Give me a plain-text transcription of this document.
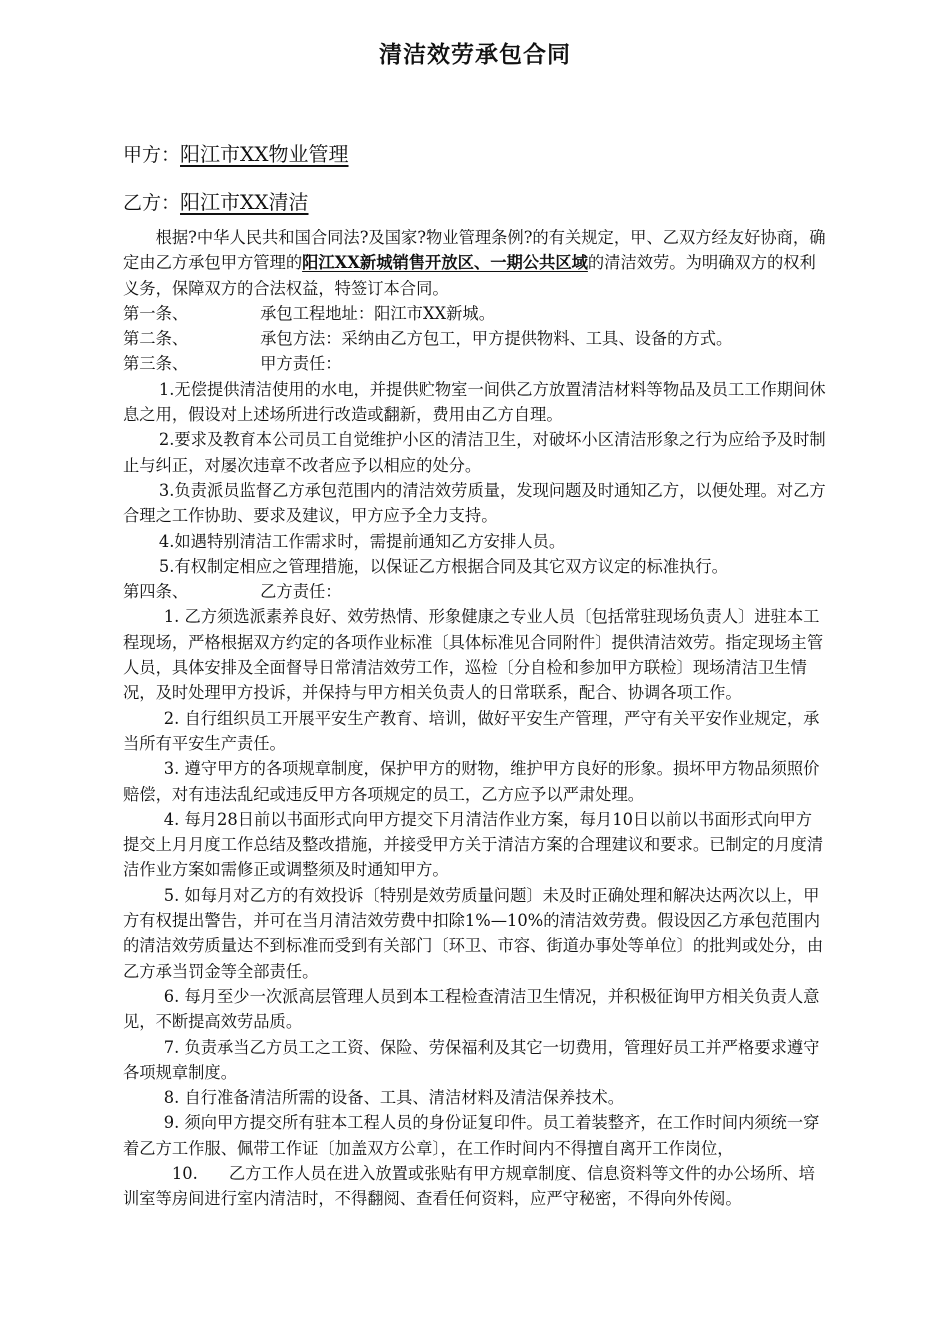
清洁效劳承包合同
甲方：阳江市XX物业管理
乙方：阳江市XX清洁

根据?中华人民共和国合同法?及国家?物业管理条例?的有关规定，甲、乙双方经友好协商，确定由乙方承包甲方管理的阳江XX新城销售开放区、一期公共区域的清洁效劳。为明确双方的权利义务，保障双方的合法权益，特签订本合同。

第一条、	承包工程地址：阳江市XX新城。

第二条、	承包方法：采纳由乙方包工，甲方提供物料、工具、设备的方式。

第三条、	甲方责任：

1.无偿提供清洁使用的水电，并提供贮物室一间供乙方放置清洁材料等物品及员工工作期间休息之用，假设对上述场所进行改造或翻新，费用由乙方自理。

2.要求及教育本公司员工自觉维护小区的清洁卫生，对破坏小区清洁形象之行为应给予及时制止与纠正，对屡次违章不改者应予以相应的处分。

3.负责派员监督乙方承包范围内的清洁效劳质量，发现问题及时通知乙方，以便处理。对乙方合理之工作协助、要求及建议，甲方应予全力支持。

4.如遇特别清洁工作需求时，需提前通知乙方安排人员。

5.有权制定相应之管理措施，以保证乙方根据合同及其它双方议定的标准执行。

第四条、	乙方责任：

1. 乙方须选派素养良好、效劳热情、形象健康之专业人员〔包括常驻现场负责人〕进驻本工程现场，严格根据双方约定的各项作业标准〔具体标准见合同附件〕提供清洁效劳。指定现场主管人员，具体安排及全面督导日常清洁效劳工作，巡检〔分自检和参加甲方联检〕现场清洁卫生情况，及时处理甲方投诉，并保持与甲方相关负责人的日常联系，配合、协调各项工作。

2. 自行组织员工开展平安生产教育、培训，做好平安生产管理，严守有关平安作业规定，承当所有平安生产责任。

3. 遵守甲方的各项规章制度，保护甲方的财物，维护甲方良好的形象。损坏甲方物品须照价赔偿，对有违法乱纪或违反甲方各项规定的员工，乙方应予以严肃处理。

4. 每月28日前以书面形式向甲方提交下月清洁作业方案，每月10日以前以书面形式向甲方提交上月月度工作总结及整改措施，并接受甲方关于清洁方案的合理建议和要求。已制定的月度清洁作业方案如需修正或调整须及时通知甲方。

5. 如每月对乙方的有效投诉〔特别是效劳质量问题〕未及时正确处理和解决达两次以上，甲方有权提出警告，并可在当月清洁效劳费中扣除1%—10%的清洁效劳费。假设因乙方承包范围内的清洁效劳质量达不到标准而受到有关部门〔环卫、市容、街道办事处等单位〕的批判或处分，由乙方承当罚金等全部责任。

6. 每月至少一次派高层管理人员到本工程检查清洁卫生情况，并积极征询甲方相关负责人意见，不断提高效劳品质。

7. 负责承当乙方员工之工资、保险、劳保福利及其它一切费用，管理好员工并严格要求遵守各项规章制度。

8. 自行准备清洁所需的设备、工具、清洁材料及清洁保养技术。

9. 须向甲方提交所有驻本工程人员的身份证复印件。员工着装整齐，在工作时间内须统一穿着乙方工作服、佩带工作证〔加盖双方公章〕，在工作时间内不得擅自离开工作岗位，

10.      乙方工作人员在进入放置或张贴有甲方规章制度、信息资料等文件的办公场所、培训室等房间进行室内清洁时，不得翻阅、查看任何资料，应严守秘密，不得向外传阅。
